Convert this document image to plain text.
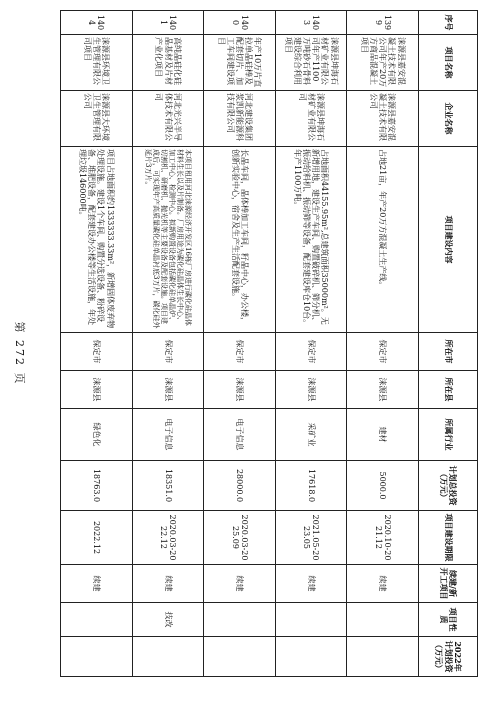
序号	项目名称	企业名称	项目建设内容	所在市	所在县	所属行业	计划总投资（万元）	项目建设期限	续建/新开工项目	项目性质	2022年计划投资（万元）
1399	涞源县嘉安混凝土技术有限公司年产20万方商品混凝土项目	涞源县嘉安混凝土技术有限公司	占地21亩，年产20万方混凝土生产线。	保定市	涞源县	建材	5000.0	2020.10-2021.12	续建		
1403	涞源县坤海石材矿业有限公司年产1100万吨砂石骨料建设综合利用项目	涞源县坤海石材矿业有限公司	占地面积44155.95m²,总建筑面积35000m²。无新增用地，建设生产车间、购置破碎机、筛分机、振动给料机、振动筛等设备，配套建设库仓10台。年产1100万吨。	保定市	涞源县	采矿业	17618.0	2021.05-2023.05	续建		
1400	年产10万片直拉单晶硅棒及配套切片、加工车间建设项目	河北建设集团浆凯新能源科技有限公司	长晶车间，晶体棒加工车间，籽晶中心，办公楼，创新实验中心，宿舍及生产生活配套设施。	保定市	涞源县	电子信息	28000.0	2020.03-2025.09	续建		
1401	高纯晶硅化硅晶基材及片材产业化项目	河北光兴半导体技术有限公司	本项目租用河北涞源经济开发区16栋厂房进行碳化硅晶体材料生长以及片制备。厂房用途为碳化硅晶体生长中心、加工中心、检测中心。拟新购置设备包括碳化硅单晶炉、切割机、研磨机、抛光机等主要设备及配套设施。项目建成后，可实现年产高质量碳化硅单晶衬底3万片，碳化硅外延片3万片。	保定市	涞源县	电子信息	18351.0	2020.03-2022.12	续建	技改	
1404	涞源县环境卫生管理有限公司项目	涞源县大环境卫生管理有限公司	项目占地面积约1333333.33m²，新增固体废弃物处理设施。建设1个车间、购置分选设备、粉碎设备、堆肥设备，配套建设办公楼等生活设施，年处理垃圾146000吨。	保定市	涞源县	绿色化	18763.0	2022.12	续建		
第 272 页
